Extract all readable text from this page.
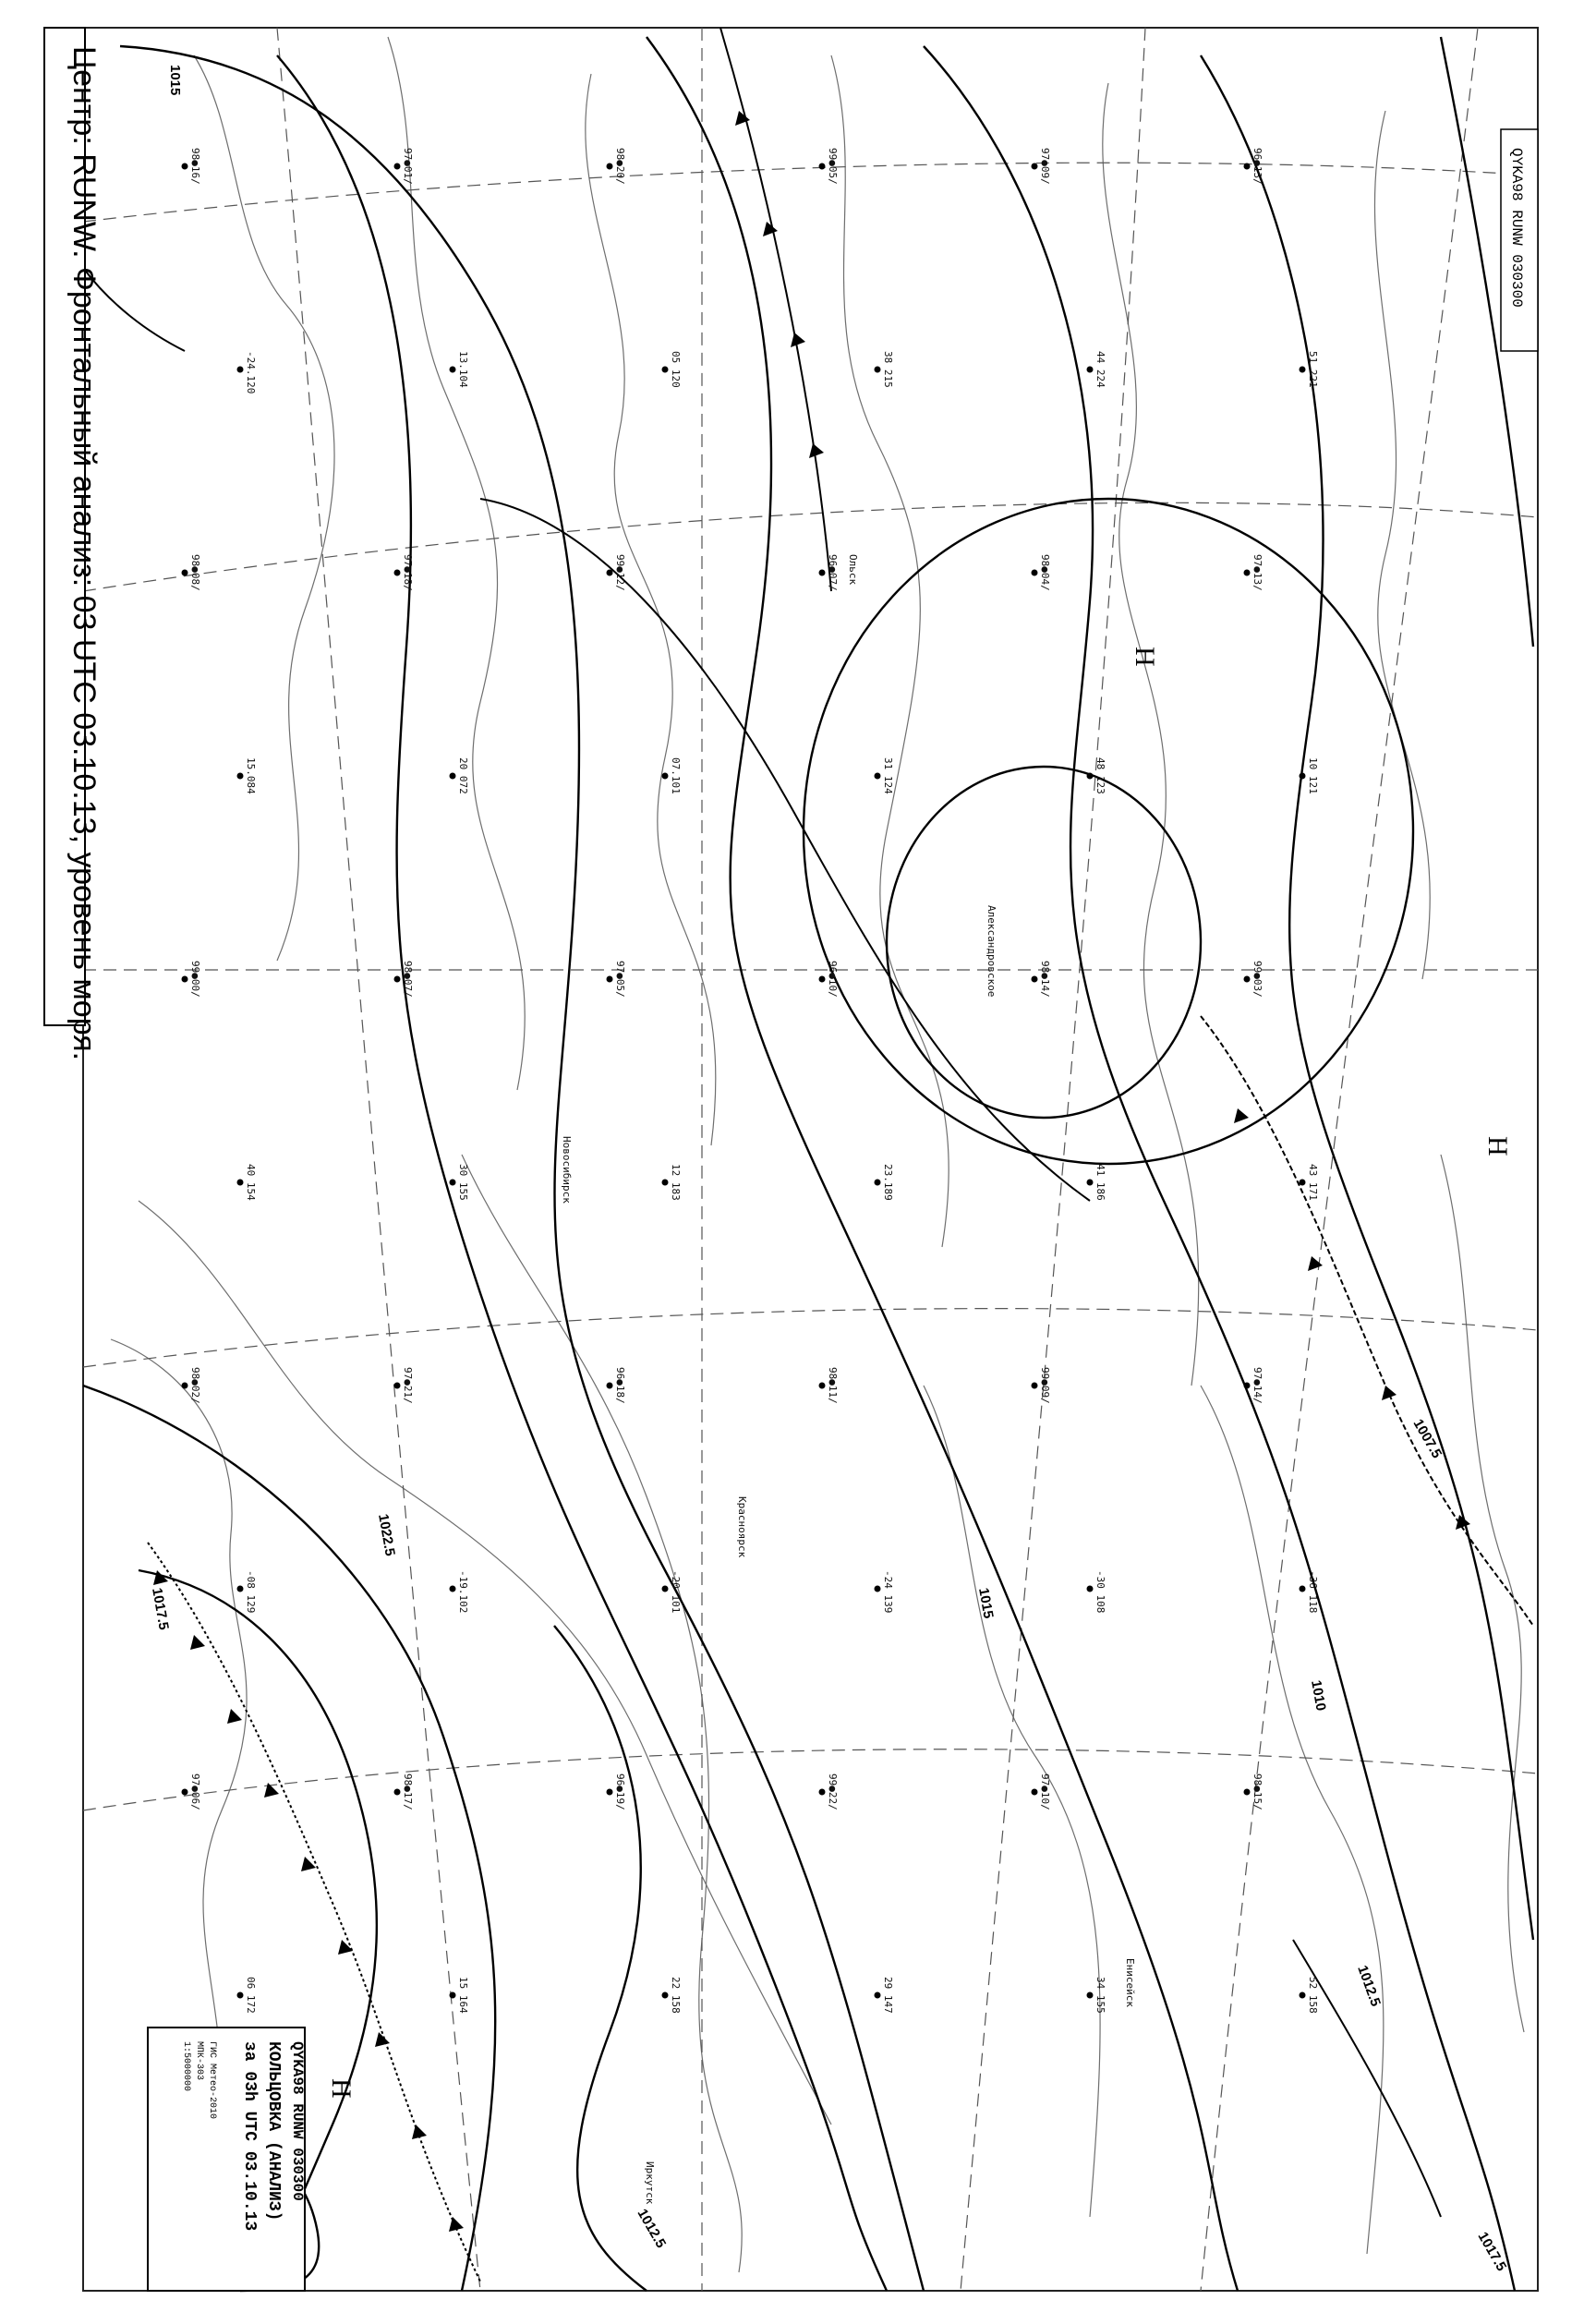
Центр: RUNW. Фронтальный анализ: 03 UTC 03.10.13, уровень моря.	QYKA98 RUNW 030300
QYKA98 RUNW 030300
КОЛЬЦОВКА (АНАЛИЗ)
за 03h UTC 03.10.13
ГИС Метео-2010
МПК-303
1:5000000
1007.5
1010
1012.5
1015
1017.5
1022.5
1012.5
1017.5
1015
Н
Н
Н
Ольск
Александровское
Новосибирск
Красноярск
Иркутск
Енисейск
98●16/	97●01/	98●20/	99●05/	97●09/	96●13/
-24.120	13.104	05 120	38 215	44 224	51 221
98●08/	97●18/	99●12/	96●07/	98●04/	97●13/
15.084	20 072	07.101	31 124	48 123	10 121
99●00/	98●07/	97●05/	96●10/	98●14/	99●03/
40 154	30 155	12 183	23.189	41 186	43 171
98●02/	97●21/	96●18/	98●11/	99●09/	97●14/
-08 129	-19.102	-20 101	-24 139	-30 108	-36 118
97●06/	98●17/	96●19/	99●22/	97●10/	98●15/
06 172	15 164	22 158	29 147	34 155	52 158
